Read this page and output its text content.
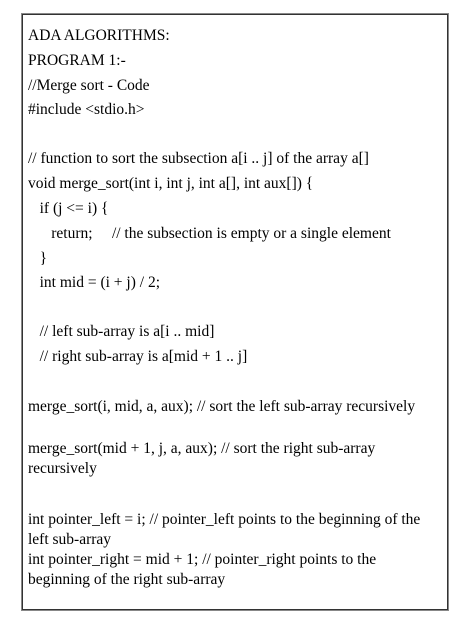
ADA ALGORITHMS:
PROGRAM 1:-
//Merge sort - Code
#include <stdio.h>
// function to sort the subsection a[i .. j] of the array a[]
void merge_sort(int i, int j, int a[], int aux[]) {
if (j <= i) {
return;     // the subsection is empty or a single element
}
int mid = (i + j) / 2;
// left sub-array is a[i .. mid]
// right sub-array is a[mid + 1 .. j]
merge_sort(i, mid, a, aux); // sort the left sub-array recursively
merge_sort(mid + 1, j, a, aux); // sort the right sub-array recursively
int pointer_left = i; // pointer_left points to the beginning of the left sub-array
int pointer_right = mid + 1; // pointer_right points to the beginning of the right sub-array
